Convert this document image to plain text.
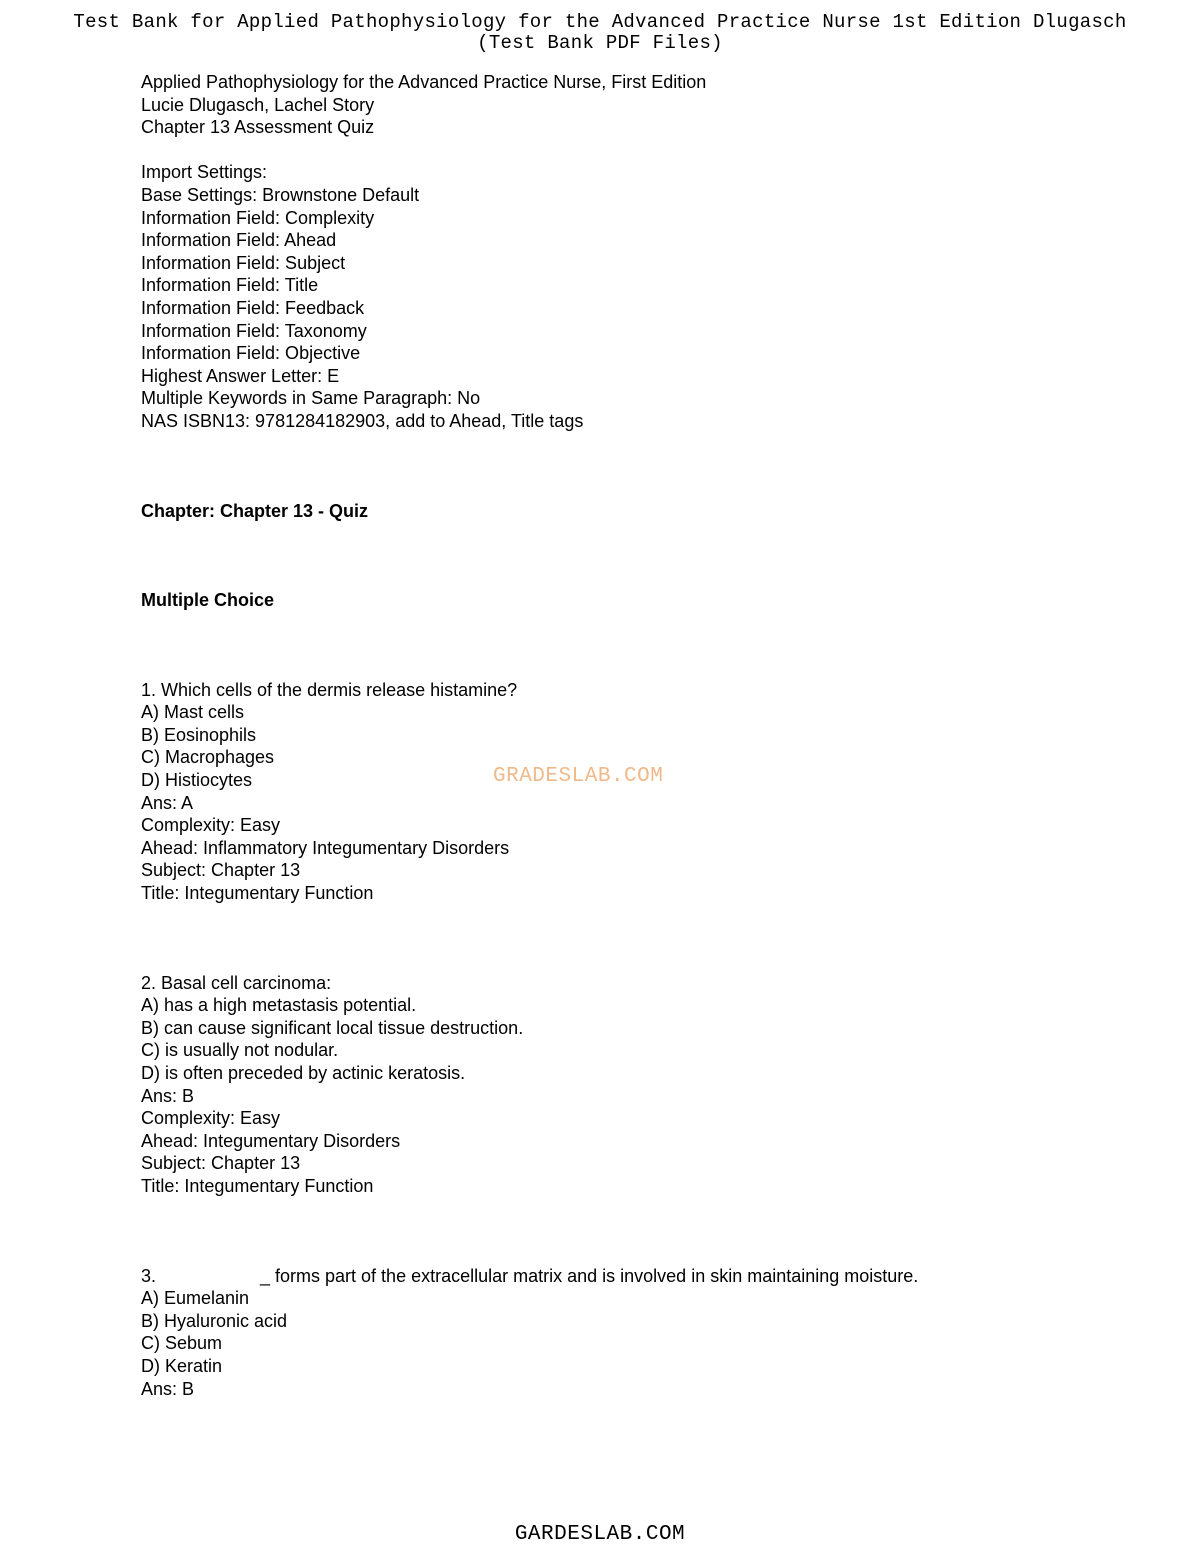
Test Bank for Applied Pathophysiology for the Advanced Practice Nurse 1st Edition Dlugasch
(Test Bank PDF Files)
Applied Pathophysiology for the Advanced Practice Nurse, First Edition
Lucie Dlugasch, Lachel Story
Chapter 13 Assessment Quiz
Import Settings:
Base Settings: Brownstone Default
Information Field: Complexity
Information Field: Ahead
Information Field: Subject
Information Field: Title
Information Field: Feedback
Information Field: Taxonomy
Information Field: Objective
Highest Answer Letter: E
Multiple Keywords in Same Paragraph: No
NAS ISBN13: 9781284182903, add to Ahead, Title tags
Chapter: Chapter 13 - Quiz
Multiple Choice
1. Which cells of the dermis release histamine?
A) Mast cells
B) Eosinophils
C) Macrophages
D) Histiocytes
Ans: A
Complexity: Easy
Ahead: Inflammatory Integumentary Disorders
Subject: Chapter 13
Title: Integumentary Function
2. Basal cell carcinoma:
A) has a high metastasis potential.
B) can cause significant local tissue destruction.
C) is usually not nodular.
D) is often preceded by actinic keratosis.
Ans: B
Complexity: Easy
Ahead: Integumentary Disorders
Subject: Chapter 13
Title: Integumentary Function
3.	_ forms part of the extracellular matrix and is involved in skin maintaining moisture.
A) Eumelanin
B) Hyaluronic acid
C) Sebum
D) Keratin
Ans: B
GRADESLAB.COM
GARDESLAB.COM
